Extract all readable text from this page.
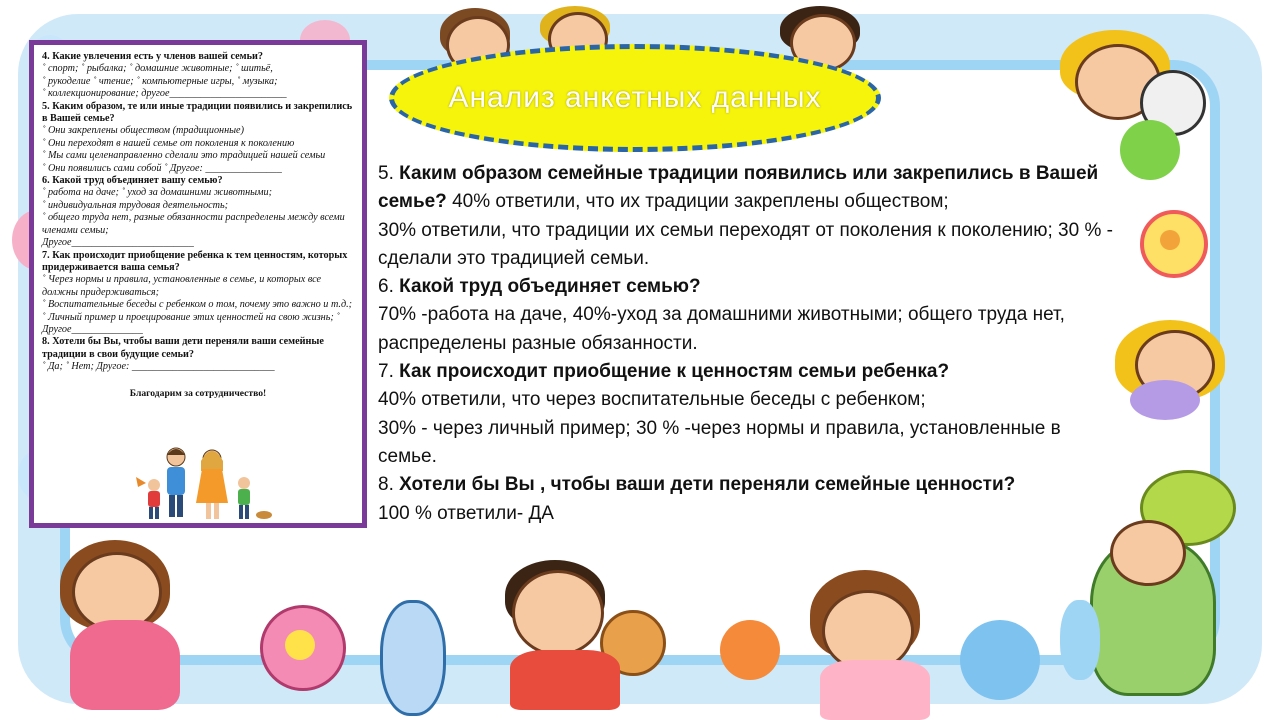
4. Какие увлечения есть у членов вашей семьи?

˚ спорт; ˚ рыбалка; ˚ домашние животные; ˚ шитьё,

˚ рукоделие ˚ чтение; ˚ компьютерные игры, ˚ музыка;

˚ коллекционирование; другое_______________________

5. Каким образом, те или иные традиции появились и закрепились в Вашей семье?

˚ Они закреплены обществом (традиционные)

˚ Они переходят в нашей семье от поколения к поколению

˚ Мы сами целенаправленно сделали это традицией нашей семьи

˚ Они появились сами собой ˚ Другое: _______________

6. Какой труд объединяет вашу семью?

˚ работа на даче; ˚ уход за домашними животными;

˚ индивидуальная трудовая деятельность;

˚ общего труда нет, разные обязанности распределены между всеми членами семьи;

Другое________________________

7. Как происходит приобщение ребенка к тем ценностям, которых придерживается ваша семья?

˚ Через нормы и правила, установленные в семье, и которых все должны придерживаться;

˚ Воспитательные беседы с ребенком о том, почему это важно и т.д.; ˚ Личный пример и проецирование этих ценностей на свою жизнь; ˚ Другое______________

8. Хотели бы Вы, чтобы ваши дети переняли ваши семейные традиции в свои будущие семьи?

˚ Да; ˚ Нет; Другое: ____________________________

Благодарим за сотрудничество!

Анализ анкетных данных

5. Каким образом семейные традиции появились или закрепились в Вашей семье? 40% ответили, что их традиции закреплены обществом;

30% ответили, что традиции их семьи переходят от поколения к поколению; 30 % - сделали это традицией семьи.

6. Какой труд объединяет семью?

70% -работа на даче, 40%-уход за домашними животными; общего труда нет, распределены разные обязанности.

7. Как происходит приобщение к ценностям семьи ребенка?

40% ответили, что через воспитательные беседы с ребенком;

30% - через личный пример; 30 % -через нормы и правила, установленные в семье.

8. Хотели бы Вы , чтобы ваши дети переняли семейные ценности?

100 % ответили- ДА
